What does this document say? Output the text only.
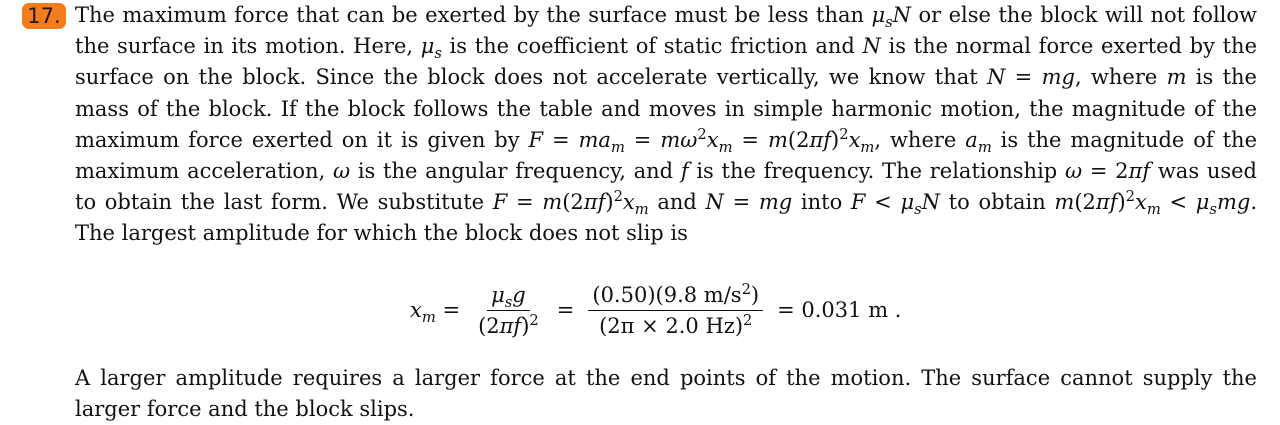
17. The maximum force that can be exerted by the surface must be less than $\mu_sN$ or else the block will not follow the surface in its motion. Here, $\mu_s$ is the coefficient of static friction and N is the normal force exerted by the surface on the block. Since the block does not accelerate vertically, we know that N = mg, where m is the mass of the block. If the block follows the table and moves in simple harmonic motion, the magnitude of the maximum force exerted on it is given by $F = ma_m = m\omega^2x_m = m(2\pi f)^2x_m$, where $a_m$ is the magnitude of the maximum acceleration, ω is the angular frequency, and f is the frequency. The relationship ω = 2πf was used to obtain the last form. We substitute $F = m(2\pi f)^2x_m$ and N = mg into $F < \mu_sN$ to obtain $m(2\pi f)^2x_m < \mu_smg$. The largest amplitude for which the block does not slip is
$x_m = \frac{\mu_sg}{(2\pi f)^2} = \frac{(0.50)(9.8 m/s^2)}{(2\pi \times 2.0 Hz)^2} = 0.031$ m .
A larger amplitude requires a larger force at the end points of the motion. The surface cannot supply the larger force and the block slips.
